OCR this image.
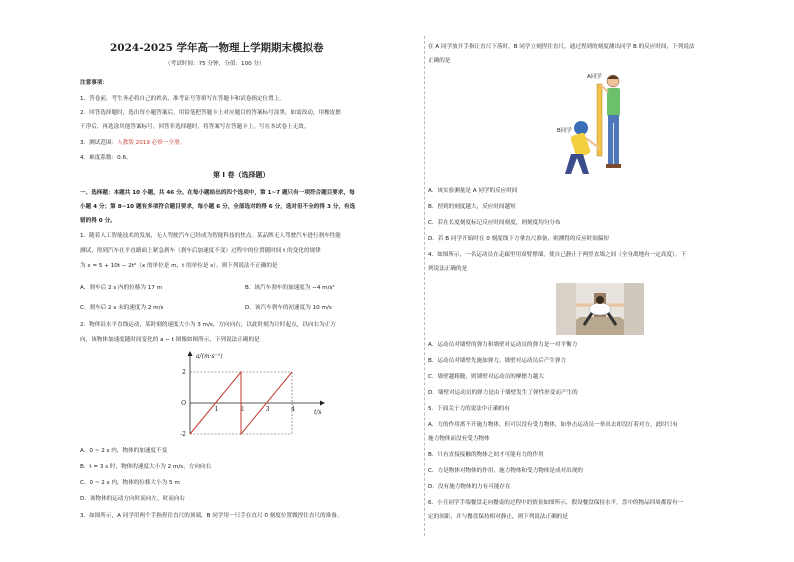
2024-2025 学年高一物理上学期期末模拟卷
（考试时间：75 分钟，分值：100 分）
注意事项：
1．答卷前，考生务必将自己的姓名、准考证号等填写在答题卡和试卷指定位置上。
2．回答选择题时，选出每小题答案后，用铅笔把答题卡上对应题目的答案标号涂黑。如需改动，用橡皮擦
干净后，再选涂其他答案标号。回答非选择题时，将答案写在答题卡上。写在本试卷上无效。
3．测试范围：人教版 2019 必修一全册。
4．难度系数：0.6。
第 I 卷（选择题）
一、选择题：本题共 10 小题，共 46 分。在每小题给出的四个选项中，第 1~7 题只有一项符合题目要求，每
小题 4 分；第 8~10 题有多项符合题目要求，每小题 6 分，全部选对的得 6 分，选对但不全的得 3 分，有选
错的得 0 分。
1．随着人工智能技术的发展，无人驾驶汽车已经成为智能科技的焦点。某品牌无人驾驶汽车进行刹车性能
测试，得到汽车在平直路面上紧急刹车（刹车后加速度不变）过程中的位置随时间 t 的变化的规律
为 x = 5 + 10t − 2t²（x 的单位是 m，t 的单位是 s）。则下列说法不正确的是
A．刹车后 2 s 内的位移为 17 m	B．该汽车刹车的加速度为 −4 m/s²
C．刹车后 2 s 末的速度为 2 m/s	D．该汽车刹车的初速度为 10 m/s
2．物体沿水平直线运动，某时刻的速度大小为 3 m/s，方向向右，以此时刻为计时起点，以向右为正方
向，该物体加速度随时间变化的 a − t 图像如图所示，下列说法正确的是
a/(m·s⁻²)
t/s
2
O
-2
1	2	3	4
A．0 ~ 2 s 内，物体的加速度不变
B．t = 3 s 时，物体的速度大小为 2 m/s，方向向右
C．0 ~ 2 s 内，物体的位移大小为 5 m
D．该物体的运动方向时而向左，时而向右
3．如图所示，A 同学用两个手指捏住直尺的顶端，B 同学用一只手在直尺 0 刻度位置做捏住直尺的准备。
在 A 同学放开手指让直尺下落时，B 同学立刻捏住直尺，通过捏到的刻度测出同学 B 的反应时间，下列说法
正确的是
A同学
B同学
A．该实验测量是 A 同学的反应时间
B．捏到的刻度越大，反应时间越短
C．若在长度刻度标记反应时间刻度，则刻度均匀分布
D．若 B 同学开始时在 0 刻度线下方拿直尺准备，则测得的反应时间偏短
4．如图所示，一名运动员在走廊里用双臂撑墙，使自己静止于两竖直墙之间（全身离地有一定高度）。下
列说法正确的是
A．运动员对墙壁的弹力和墙壁对运动员的弹力是一对平衡力
B．运动员对墙壁先施加弹力，墙壁对运动员后产生弹力
C．墙壁越粗糙，则墙壁对运动员的摩擦力越大
D．墙壁对运动员的弹力是由于墙壁发生了弹性形变而产生的
5．下面关于力的说法中正确的有
A．力的作用离不开施力物体，但可以没有受力物体，如拳击运动员一拳出去却没打着对方，此时只有
施力物体而没有受力物体
B．只有直接接触的物体之间才可能有力的作用
C．力是物体对物体的作用，施力物体和受力物体是成对出现的
D．没有施力物体的力有可能存在
6．小丑同学手端餐盘走向餐桌的过程中的情景如图所示，假设餐盘保持水平，盘中的物品四周都留有一
定的间距，并与餐盘保持相对静止，则下列说法正确的是
